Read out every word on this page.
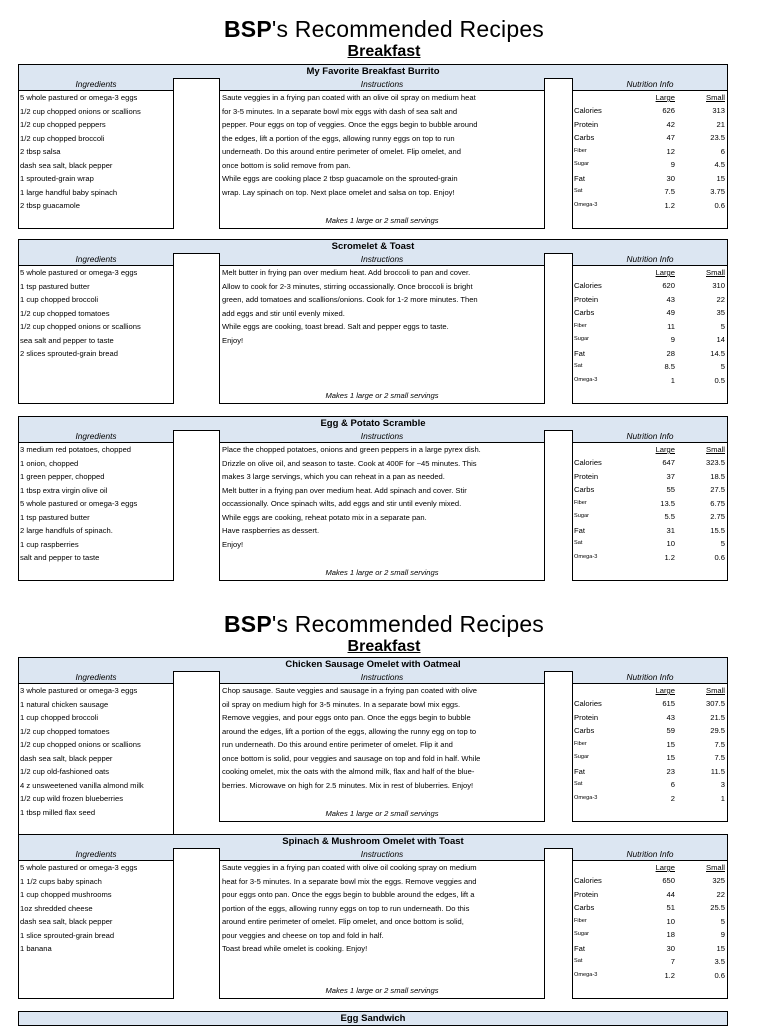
BSP's Recommended Recipes
Breakfast
BSP's Recommended Recipes
Breakfast
My Favorite Breakfast Burrito
Ingredients
5 whole pastured or omega-3 eggs
1/2 cup chopped onions or scallions
1/2 cup chopped peppers
1/2 cup chopped broccoli
2 tbsp salsa
dash sea salt, black pepper
1 sprouted-grain wrap
1 large handful baby spinach
2 tbsp guacamole
Instructions
Saute veggies in a frying pan coated with an olive oil spray on medium heat
for 3-5 minutes. In a separate bowl mix eggs with dash of sea salt and
pepper. Pour eggs on top of veggies. Once the eggs begin to bubble around
the edges, lift a portion of the eggs, allowing runny eggs on top to run
underneath. Do this around entire perimeter of omelet. Flip omelet, and
once bottom is solid remove from pan.
While eggs are cooking place 2 tbsp guacamole on the sprouted-grain
wrap. Lay spinach on top. Next place omelet and salsa on top. Enjoy!
Makes 1 large or 2 small servings
Nutrition Info
Large	Small
Calories	626	313
Protein	42	21
Carbs	47	23.5
Fiber	12	6
Sugar	9	4.5
Fat	30	15
Sat	7.5	3.75
Omega-3	1.2	0.6
Scromelet & Toast
Ingredients
5 whole pastured or omega-3 eggs
1 tsp pastured butter
1 cup chopped broccoli
1/2 cup chopped tomatoes
1/2 cup chopped onions or scallions
sea salt and pepper to taste
2 slices sprouted-grain bread
Instructions
Melt butter in frying pan over medium heat. Add broccoli to pan and cover.
Allow to cook for 2-3 minutes, stirring occassionally. Once broccoli is bright
green, add tomatoes and scallions/onions. Cook for 1-2 more minutes. Then
add eggs and stir until evenly mixed.
While eggs are cooking, toast bread. Salt and pepper eggs to taste.
Enjoy!
Makes 1 large or 2 small servings
Nutrition Info
Large	Small
Calories	620	310
Protein	43	22
Carbs	49	35
Fiber	11	5
Sugar	9	14
Fat	28	14.5
Sat	8.5	5
Omega-3	1	0.5
Egg & Potato Scramble
Ingredients
3 medium red potatoes, chopped
1 onion, chopped
1 green pepper, chopped
1 tbsp extra virgin olive oil
5 whole pastured or omega-3 eggs
1 tsp pastured butter
2 large handfuls of spinach.
1 cup raspberries
salt and pepper to taste
Instructions
Place the chopped potatoes, onions and green peppers in a large pyrex dish.
Drizzle on olive oil, and season to taste. Cook at 400F for ~45 minutes. This
makes 3 large servings, which you can reheat in a pan as needed.
Melt butter in a frying pan over medium heat. Add spinach and cover. Stir
occassionally. Once spinach wilts, add eggs and stir until evenly mixed.
While eggs are cooking, reheat potato mix in a separate pan.
Have raspberries as dessert.
Enjoy!
Makes 1 large or 2 small servings
Nutrition Info
Large	Small
Calories	647	323.5
Protein	37	18.5
Carbs	55	27.5
Fiber	13.5	6.75
Sugar	5.5	2.75
Fat	31	15.5
Sat	10	5
Omega-3	1.2	0.6
Chicken Sausage Omelet with Oatmeal
Ingredients
3 whole pastured or omega-3 eggs
1 natural chicken sausage
1 cup chopped broccoli
1/2 cup chopped tomatoes
1/2 cup chopped onions or scallions
dash sea salt, black pepper
1/2 cup old-fashioned oats
4 z unsweetened vanilla almond milk
1/2 cup wild frozen blueberries
1 tbsp milled flax seed
Instructions
Chop sausage. Saute veggies and sausage in a frying pan coated with olive
oil spray on medium high for 3-5 minutes. In a separate bowl mix eggs.
Remove veggies, and pour eggs onto pan. Once the eggs begin to bubble
around the edges, lift a portion of the eggs, allowing the runny egg on top to
run underneath. Do this around entire perimeter of omelet. Flip it and
once bottom is solid, pour veggies and sausage on top and fold in half. While
cooking omelet, mix the oats with the almond milk, flax and half of the blue-
berries. Microwave on high for 2.5 minutes. Mix in rest of bluberries. Enjoy!
Makes 1 large or 2 small servings
Nutrition Info
Large	Small
Calories	615	307.5
Protein	43	21.5
Carbs	59	29.5
Fiber	15	7.5
Sugar	15	7.5
Fat	23	11.5
Sat	6	3
Omega-3	2	1
Spinach & Mushroom Omelet with Toast
Ingredients
5 whole pastured or omega-3 eggs
1 1/2 cups baby spinach
1 cup chopped mushrooms
1oz shredded cheese
dash sea salt, black pepper
1 slice sprouted-grain bread
1 banana
Instructions
Saute veggies in a frying pan coated with olive oil cooking spray on medium
heat for 3-5 minutes. In a separate bowl mix the eggs. Remove veggies and
pour eggs onto pan. Once the eggs begin to bubble around the edges, lift a
portion of the eggs, allowing runny eggs on top to run underneath. Do this
around entire perimeter of omelet. Flip omelet, and once bottom is solid,
pour veggies and cheese on top and fold in half.
Toast bread while omelet is cooking. Enjoy!
Makes 1 large or 2 small servings
Nutrition Info
Large	Small
Calories	650	325
Protein	44	22
Carbs	51	25.5
Fiber	10	5
Sugar	18	9
Fat	30	15
Sat	7	3.5
Omega-3	1.2	0.6
Egg Sandwich
